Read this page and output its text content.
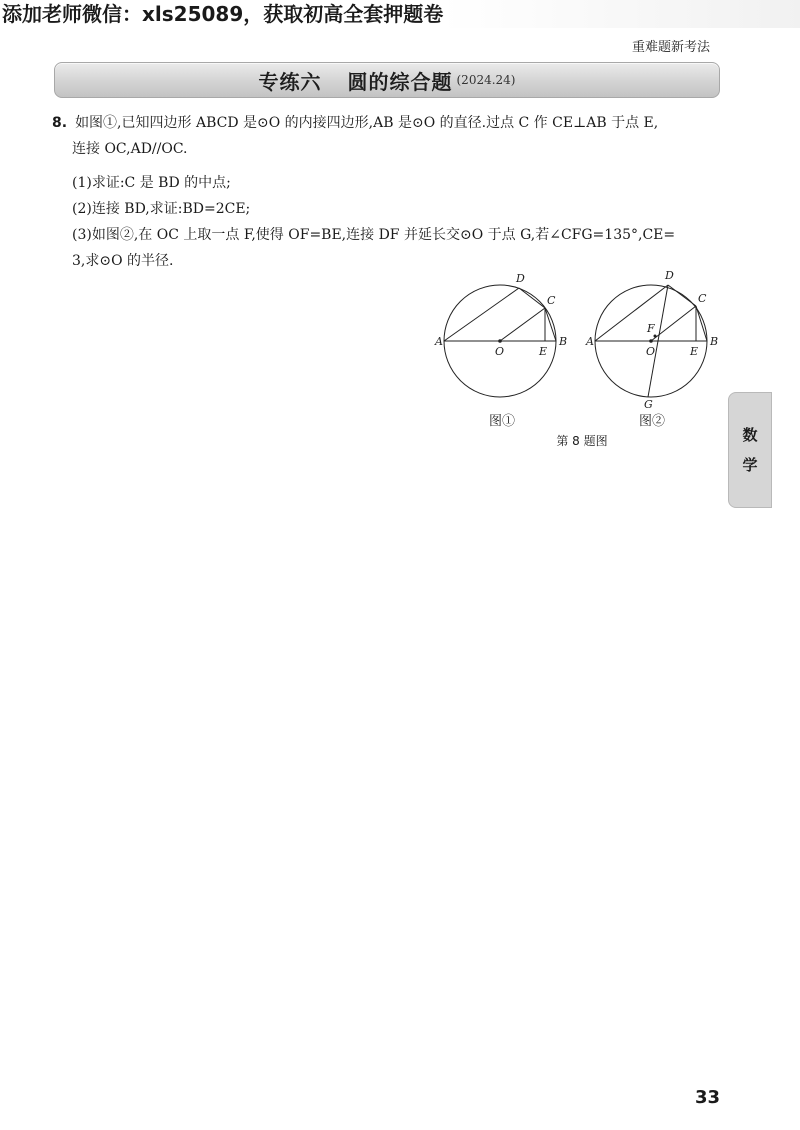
添加老师微信：xls25089，获取初高全套押题卷
重难题新考法
专练六 圆的综合题 (2024.24)
8. 如图①,已知四边形 ABCD 是⊙O 的内接四边形,AB 是⊙O 的直径.过点 C 作 CE⊥AB 于点 E,
连接 OC,AD//OC.
(1)求证:C 是 BD 的中点;
(2)连接 BD,求证:BD=2CE;
(3)如图②,在 OC 上取一点 F,使得 OF=BE,连接 DF 并延长交⊙O 于点 G,若∠CFG=135°,CE=
3,求⊙O 的半径.
A	B
D
C
O	E
A	B
D
C
O	E
F
G
图①	图②
第 8 题图	数
学
33
